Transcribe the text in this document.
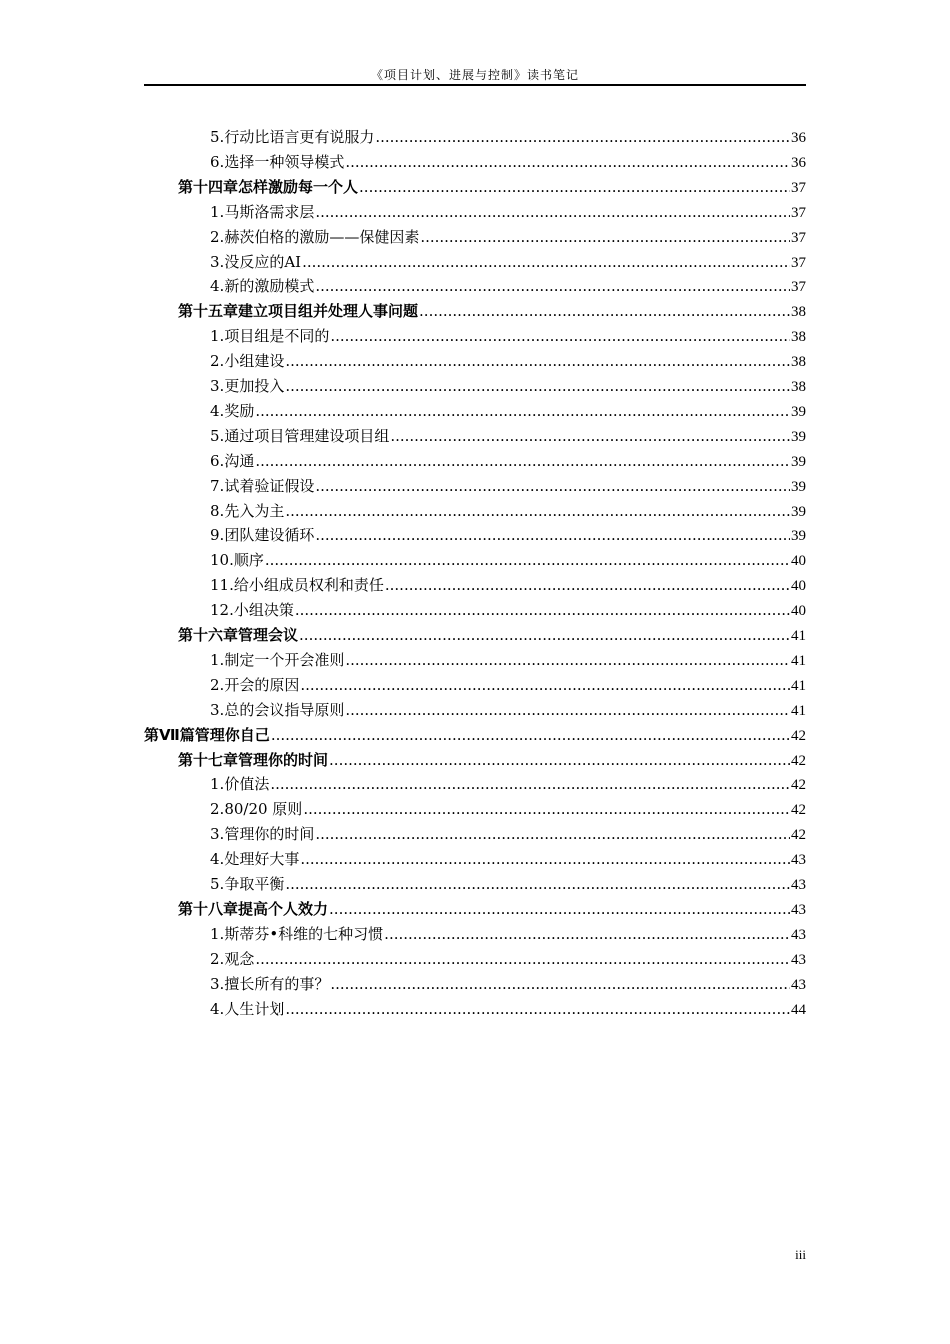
《项目计划、进展与控制》读书笔记
5. 行动比语言更有说服力 .....	36
6. 选择一种领导模式 .....	36
第十四章 怎样激励每一个人 .....	37
1. 马斯洛需求层 .....	37
2. 赫茨伯格的激励——保健因素 .....	37
3. 没反应的AI .....	37
4. 新的激励模式 .....	37
第十五章 建立项目组并处理人事问题 .....	38
1. 项目组是不同的 .....	38
2. 小组建设 .....	38
3. 更加投入 .....	38
4. 奖励 .....	39
5. 通过项目管理建设项目组 .....	39
6. 沟通 .....	39
7. 试着验证假设 .....	39
8. 先入为主 .....	39
9. 团队建设循环 .....	39
10. 顺序 .....	40
11. 给小组成员权利和责任 .....	40
12. 小组决策 .....	40
第十六章 管理会议 .....	41
1. 制定一个开会准则 .....	41
2. 开会的原因 .....	41
3. 总的会议指导原则 .....	41
第Ⅶ篇 管理你自己 .....	42
第十七章 管理你的时间 .....	42
1. 价值法 .....	42
2. 80/20 原则 .....	42
3. 管理你的时间 .....	42
4. 处理好大事 .....	43
5. 争取平衡 .....	43
第十八章 提高个人效力 .....	43
1. 斯蒂芬•科维的七种习惯 .....	43
2. 观念 .....	43
3. 擅长所有的事？ .....	43
4. 人生计划 .....	44
iii
